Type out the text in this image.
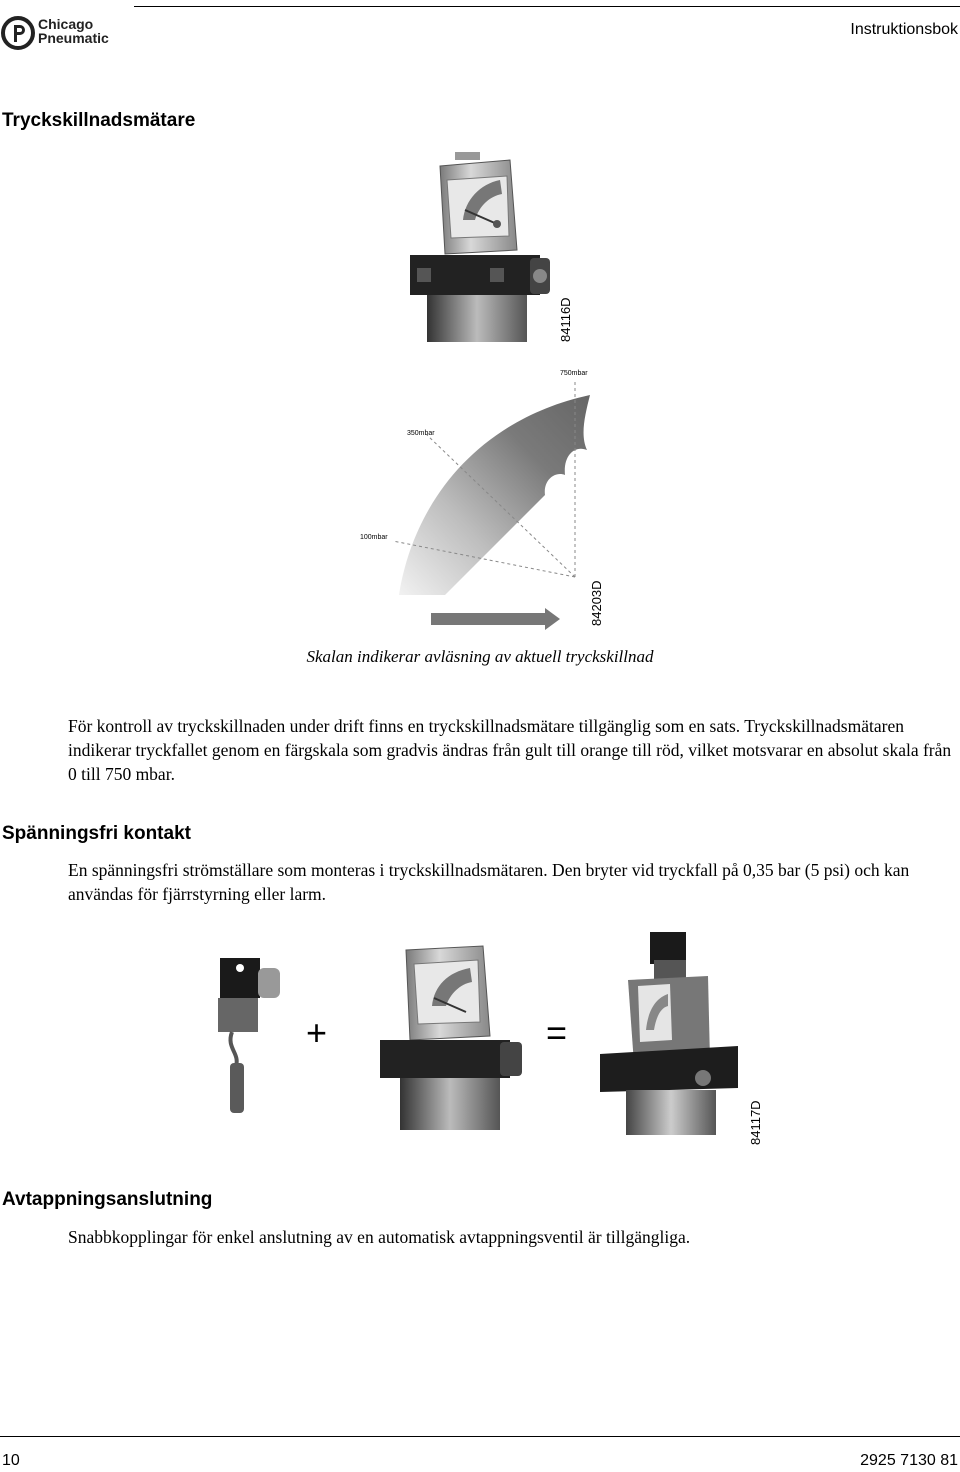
Chicago
Pneumatic	Instruktionsbok
Tryckskillnadsmätare
84116D
750mbar
350mbar
100mbar
84203D
Skalan indikerar avläsning av aktuell tryckskillnad
För kontroll av tryckskillnaden under drift finns en tryckskillnadsmätare tillgänglig som en sats. Tryckskillnadsmätaren indikerar tryckfallet genom en färgskala som gradvis ändras från gult till orange till röd, vilket motsvarar en absolut skala från 0 till 750 mbar.
Spänningsfri kontakt
En spänningsfri strömställare som monteras i tryckskillnadsmätaren. Den bryter vid tryckfall på 0,35 bar (5 psi) och kan användas för fjärrstyrning eller larm.
+	=
84117D
Avtappningsanslutning
Snabbkopplingar för enkel anslutning av en automatisk avtappningsventil är tillgängliga.
10	2925 7130 81
